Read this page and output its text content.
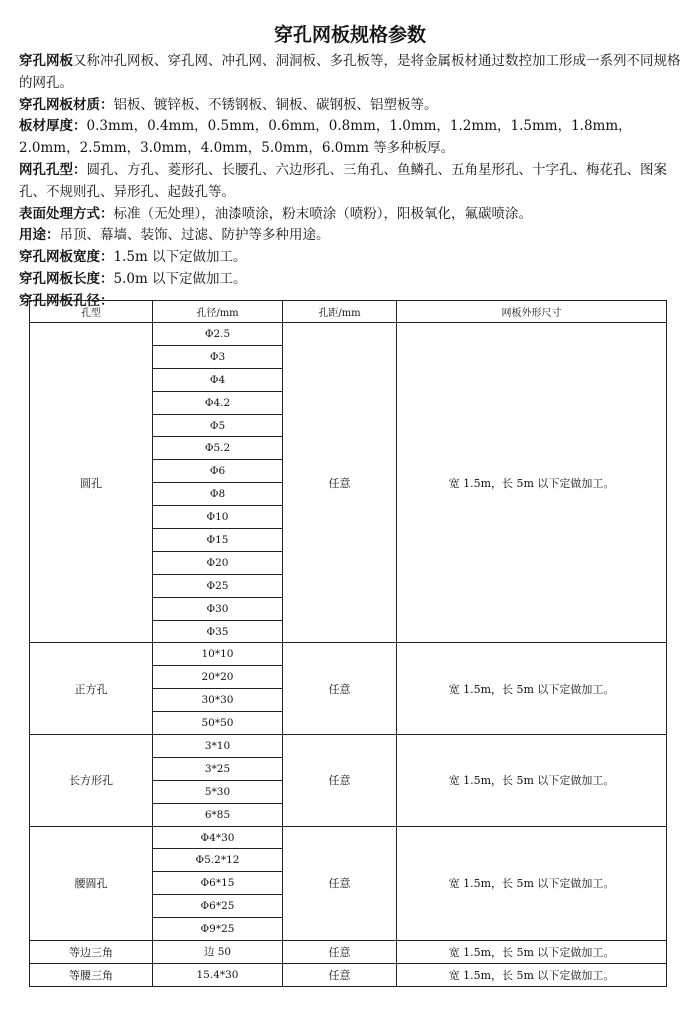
穿孔网板规格参数

穿孔网板又称冲孔网板、穿孔网、冲孔网、洞洞板、多孔板等，是将金属板材通过数控加工形成一系列不同规格的网孔。

穿孔网板材质：铝板、镀锌板、不锈钢板、铜板、碳钢板、铝塑板等。

板材厚度：0.3mm，0.4mm，0.5mm，0.6mm，0.8mm，1.0mm，1.2mm，1.5mm，1.8mm，2.0mm，2.5mm，3.0mm，4.0mm，5.0mm，6.0mm 等多种板厚。

网孔孔型：圆孔、方孔、菱形孔、长腰孔、六边形孔、三角孔、鱼鳞孔、五角星形孔、十字孔、梅花孔、图案孔、不规则孔、异形孔、起鼓孔等。

表面处理方式：标准（无处理），油漆喷涂，粉末喷涂（喷粉），阳极氧化，氟碳喷涂。

用途：吊顶、幕墙、装饰、过滤、防护等多种用途。

穿孔网板宽度：1.5m 以下定做加工。

穿孔网板长度：5.0m 以下定做加工。

穿孔网板孔径：

孔型	孔径/mm	孔距/mm	网板外形尺寸
圆孔	Φ2.5	任意	宽 1.5m，长 5m 以下定做加工。
	Φ3		
	Φ4		
	Φ4.2		
	Φ5		
	Φ5.2		
	Φ6		
	Φ8		
	Φ10		
	Φ15		
	Φ20		
	Φ25		
	Φ30		
	Φ35		
正方孔	10*10	任意	宽 1.5m，长 5m 以下定做加工。
	20*20		
	30*30		
	50*50		
长方形孔	3*10	任意	宽 1.5m，长 5m 以下定做加工。
	3*25		
	5*30		
	6*85		
腰圆孔	Φ4*30	任意	宽 1.5m，长 5m 以下定做加工。
	Φ5.2*12		
	Φ6*15		
	Φ6*25		
	Φ9*25		
等边三角	边 50	任意	宽 1.5m，长 5m 以下定做加工。
等腰三角	15.4*30	任意	宽 1.5m，长 5m 以下定做加工。
